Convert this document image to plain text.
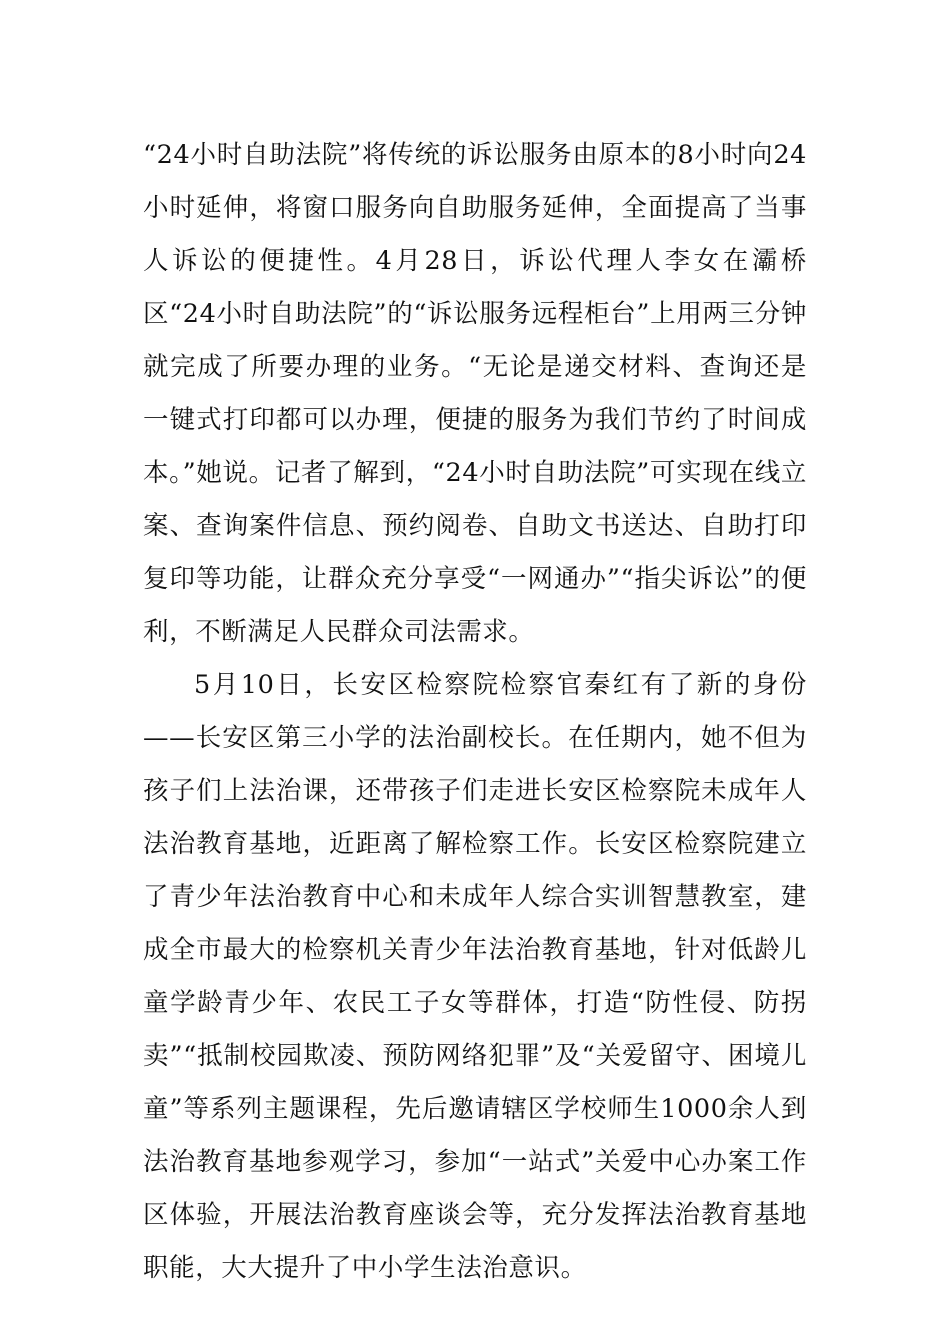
“24小时自助法院”将传统的诉讼服务由原本的8小时向24小时延伸，将窗口服务向自助服务延伸，全面提高了当事人诉讼的便捷性。4月28日，诉讼代理人李女在灞桥区“24小时自助法院”的“诉讼服务远程柜台”上用两三分钟就完成了所要办理的业务。“无论是递交材料、查询还是一键式打印都可以办理，便捷的服务为我们节约了时间成本。”她说。记者了解到，“24小时自助法院”可实现在线立案、查询案件信息、预约阅卷、自助文书送达、自助打印复印等功能，让群众充分享受“一网通办”“指尖诉讼”的便利，不断满足人民群众司法需求。

5月10日，长安区检察院检察官秦红有了新的身份——长安区第三小学的法治副校长。在任期内，她不但为孩子们上法治课，还带孩子们走进长安区检察院未成年人法治教育基地，近距离了解检察工作。长安区检察院建立了青少年法治教育中心和未成年人综合实训智慧教室，建成全市最大的检察机关青少年法治教育基地，针对低龄儿童学龄青少年、农民工子女等群体，打造“防性侵、防拐卖”“抵制校园欺凌、预防网络犯罪”及“关爱留守、困境儿童”等系列主题课程，先后邀请辖区学校师生1000余人到法治教育基地参观学习，参加“一站式”关爱中心办案工作区体验，开展法治教育座谈会等，充分发挥法治教育基地职能，大大提升了中小学生法治意识。
